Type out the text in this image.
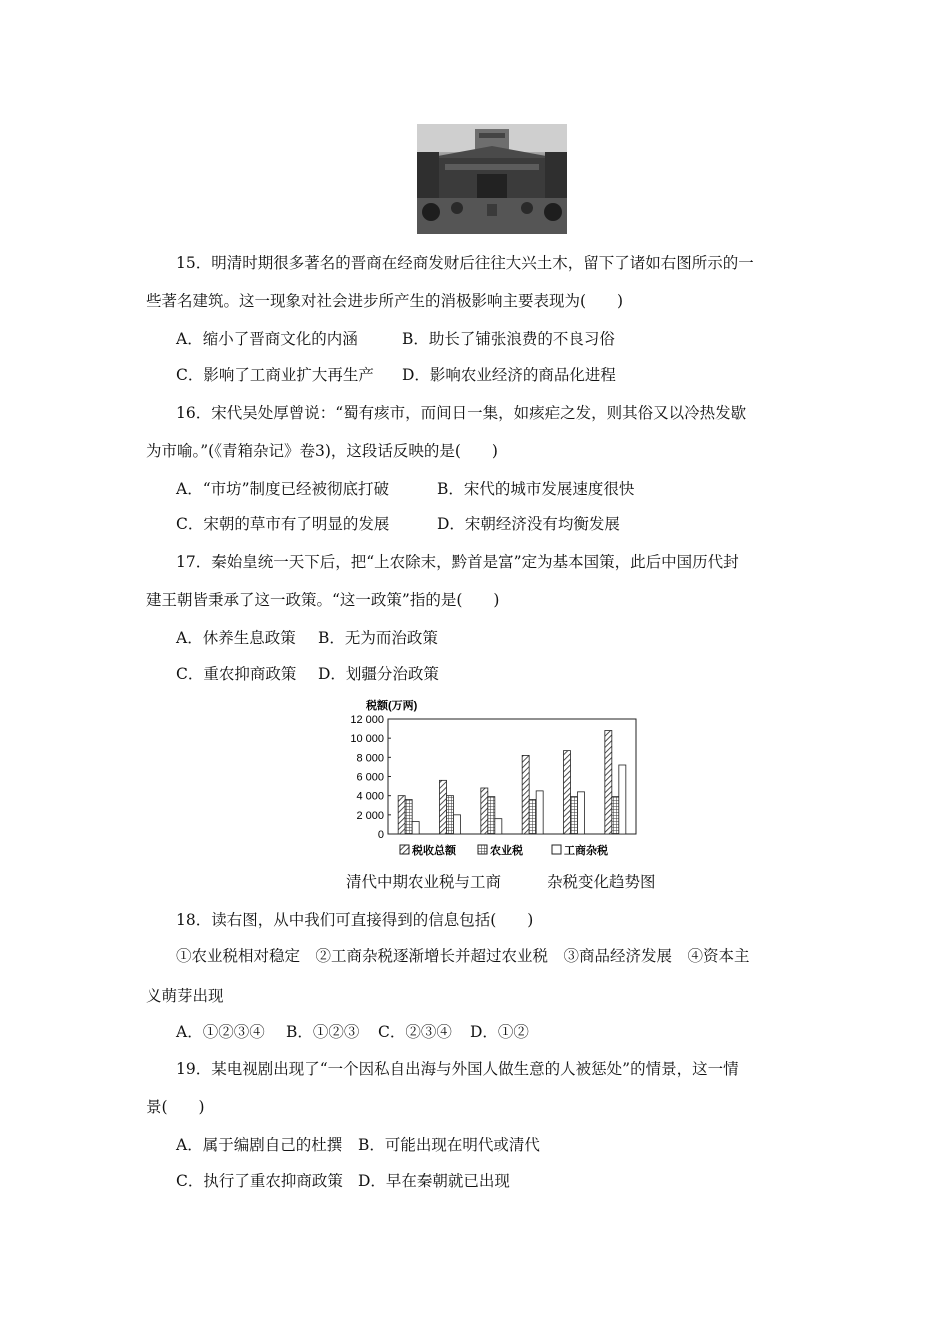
15．明清时期很多著名的晋商在经商发财后往往大兴土木，留下了诸如右图所示的一
些著名建筑。这一现象对社会进步所产生的消极影响主要表现为(　　)
A．缩小了晋商文化的内涵	B．助长了铺张浪费的不良习俗
C．影响了工商业扩大再生产 D．影响农业经济的商品化进程
16．宋代吴处厚曾说：“蜀有痎市，而间日一集，如痎疟之发，则其俗又以冷热发歇
为市喻。”(《青箱杂记》卷3)，这段话反映的是(　　)
A．“市坊”制度已经被彻底打破	B．宋代的城市发展速度很快
C．宋朝的草市有了明显的发展	D．宋朝经济没有均衡发展
17．秦始皇统一天下后，把“上农除末，黔首是富”定为基本国策，此后中国历代封
建王朝皆秉承了这一政策。“这一政策”指的是(　　)
A．休养生息政策 B．无为而治政策
C．重农抑商政策 D．划疆分治政策
税额(万两)
12 000
10 000
8 000
6 000
4 000
2 000
0
税收总额	农业税	工商杂税
清代中期农业税与工商	杂税变化趋势图
18．读右图，从中我们可直接得到的信息包括(　　)
①农业税相对稳定　②工商杂税逐渐增长并超过农业税　③商品经济发展　④资本主
义萌芽出现
A．①②③④ B．①②③ C．②③④ D．①②
19．某电视剧出现了“一个因私自出海与外国人做生意的人被惩处”的情景，这一情
景(　　)
A．属于编剧自己的杜撰 B．可能出现在明代或清代
C．执行了重农抑商政策 D．早在秦朝就已出现
